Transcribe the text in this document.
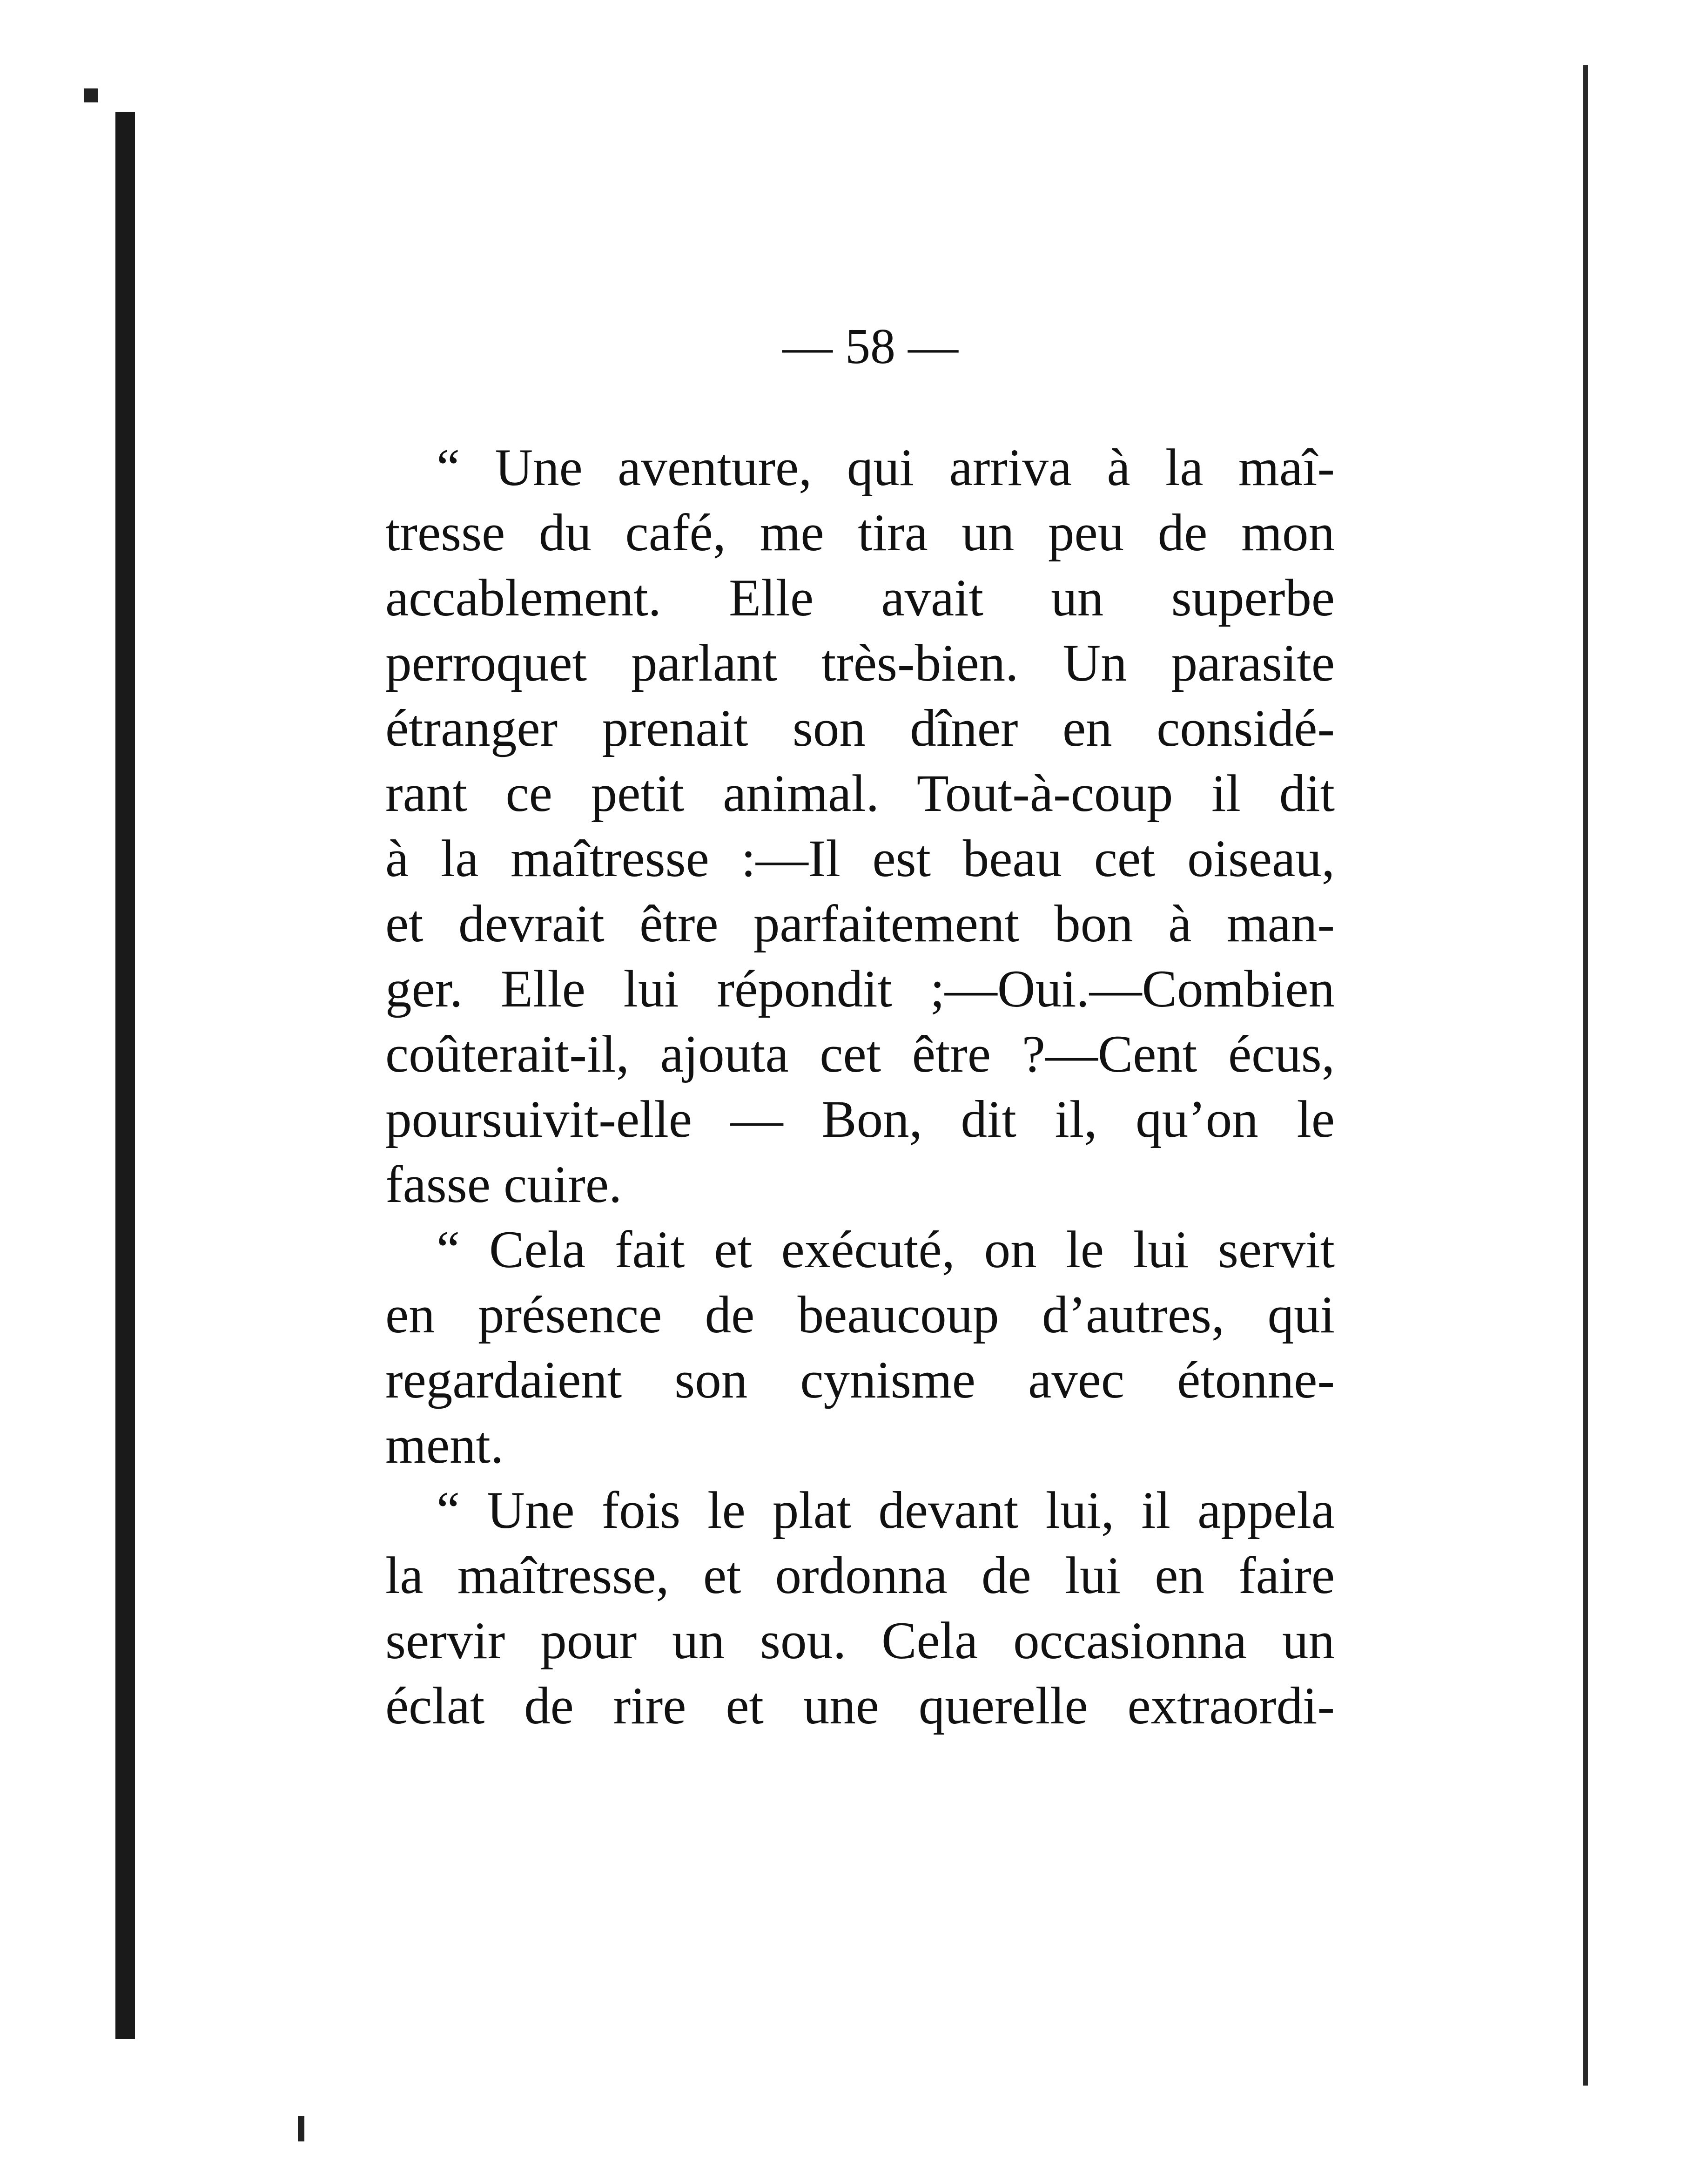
— 58 —
“ Une aventure, qui arriva à la maî-
tresse du café, me tira un peu de mon
accablement. Elle avait un superbe
perroquet parlant très-bien. Un parasite
étranger prenait son dîner en considé-
rant ce petit animal. Tout-à-coup il dit
à la maîtresse :—Il est beau cet oiseau,
et devrait être parfaitement bon à man-
ger. Elle lui répondit ;—Oui.—Combien
coûterait-il, ajouta cet être ?—Cent écus,
poursuivit-elle — Bon, dit il, qu’on le
fasse cuire.
“ Cela fait et exécuté, on le lui servit
en présence de beaucoup d’autres, qui
regardaient son cynisme avec étonne-
ment.
“ Une fois le plat devant lui, il appela
la maîtresse, et ordonna de lui en faire
servir pour un sou. Cela occasionna un
éclat de rire et une querelle extraordi-
